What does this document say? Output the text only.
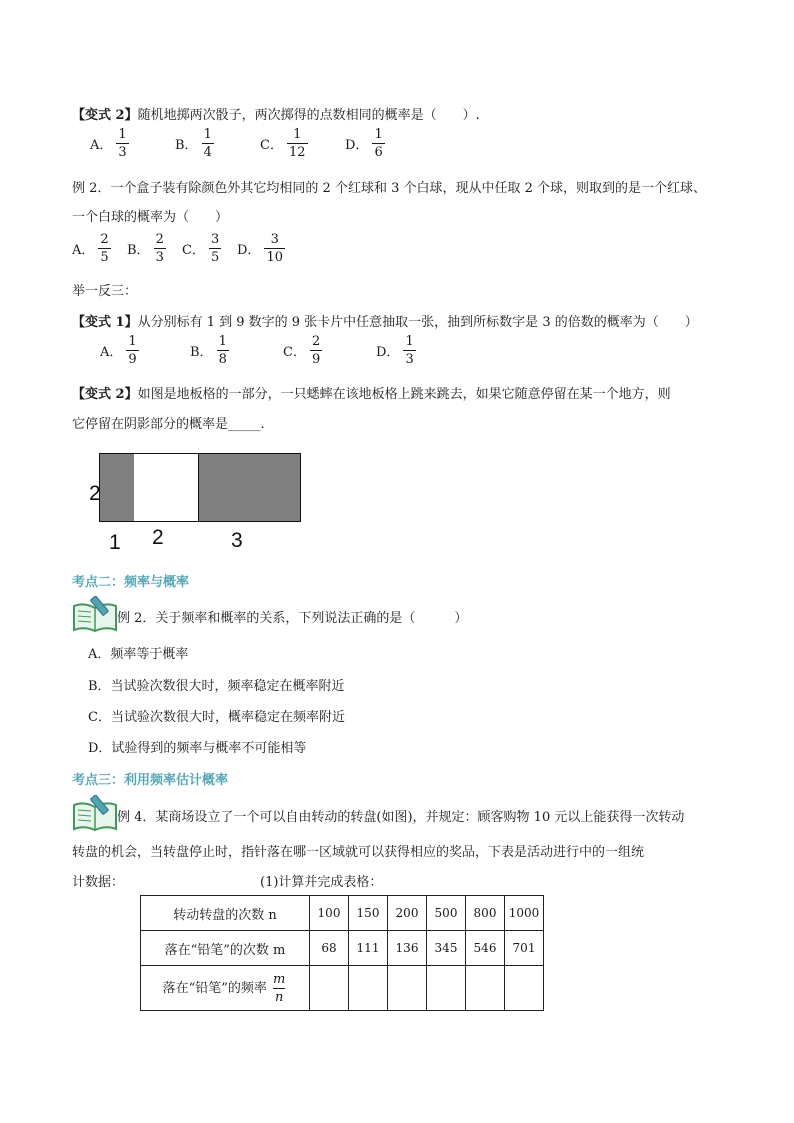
【变式 2】随机地掷两次骰子，两次掷得的点数相同的概率是（　　）.
A． $\frac{1}{3}$	B． $\frac{1}{4}$	C． $\frac{1}{12}$	D． $\frac{1}{6}$
例 2．一个盒子装有除颜色外其它均相同的 2 个红球和 3 个白球，现从中任取 2 个球，则取到的是一个红球、
一个白球的概率为（　　）
A． $\frac{2}{5}$ B． $\frac{2}{3}$ C． $\frac{3}{5}$ D． $\frac{3}{10}$
举一反三：
【变式 1】从分别标有 1 到 9 数字的 9 张卡片中任意抽取一张，抽到所标数字是 3 的倍数的概率为（　　）
A． $\frac{1}{9}$	B． $\frac{1}{8}$	C． $\frac{2}{9}$	D． $\frac{1}{3}$
【变式 2】如图是地板格的一部分，一只蟋蟀在该地板格上跳来跳去，如果它随意停留在某一个地方，则
它停留在阴影部分的概率是_____.
2
1 2	3
考点二：频率与概率
例 2．关于频率和概率的关系，下列说法正确的是（　　　）
A．频率等于概率
B．当试验次数很大时，频率稳定在概率附近
C．当试验次数很大时，概率稳定在频率附近
D．试验得到的频率与概率不可能相等
考点三：利用频率估计概率
例 4．某商场设立了一个可以自由转动的转盘(如图)，并规定：顾客购物 10 元以上能获得一次转动
转盘的机会，当转盘停止时，指针落在哪一区域就可以获得相应的奖品，下表是活动进行中的一组统
计数据：	(1)计算并完成表格：
转动转盘的次数 n	100	150	200	500	800	1000
落在“铅笔”的次数 m	68	111	136	345	546	701
落在“铅笔”的频率 $\frac{m}{n}$
